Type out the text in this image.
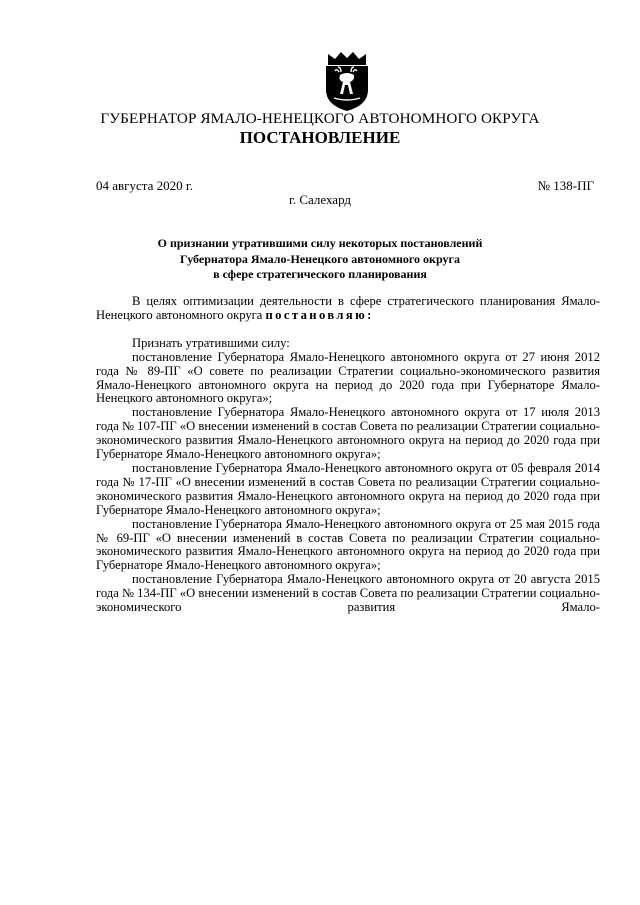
ГУБЕРНАТОР ЯМАЛО-НЕНЕЦКОГО АВТОНОМНОГО ОКРУГА
ПОСТАНОВЛЕНИЕ
04 августа 2020 г.	№ 138-ПГ
г. Салехард
О признании утратившими силу некоторых постановлений
Губернатора Ямало-Ненецкого автономного округа
в сфере стратегического планирования

В целях оптимизации деятельности в сфере стратегического планирования Ямало-Ненецкого автономного округа постановляю:

Признать утратившими силу:

постановление Губернатора Ямало-Ненецкого автономного округа от 27 июня 2012 года № 89-ПГ «О совете по реализации Стратегии социально-экономического развития Ямало-Ненецкого автономного округа на период до 2020 года при Губернаторе Ямало-Ненецкого автономного округа»;

постановление Губернатора Ямало-Ненецкого автономного округа от 17 июля 2013 года № 107-ПГ «О внесении изменений в состав Совета по реализации Стратегии социально-экономического развития Ямало-Ненецкого автономного округа на период до 2020 года при Губернаторе Ямало-Ненецкого автономного округа»;

постановление Губернатора Ямало-Ненецкого автономного округа от 05 февраля 2014 года № 17-ПГ «О внесении изменений в состав Совета по реализации Стратегии социально-экономического развития Ямало-Ненецкого автономного округа на период до 2020 года при Губернаторе Ямало-Ненецкого автономного округа»;

постановление Губернатора Ямало-Ненецкого автономного округа от 25 мая 2015 года № 69-ПГ «О внесении изменений в состав Совета по реализации Стратегии социально-экономического развития Ямало-Ненецкого автономного округа на период до 2020 года при Губернаторе Ямало-Ненецкого автономного округа»;

постановление Губернатора Ямало-Ненецкого автономного округа от 20 августа 2015 года № 134-ПГ «О внесении изменений в состав Совета по реализации Стратегии социально-экономического развития Ямало-
